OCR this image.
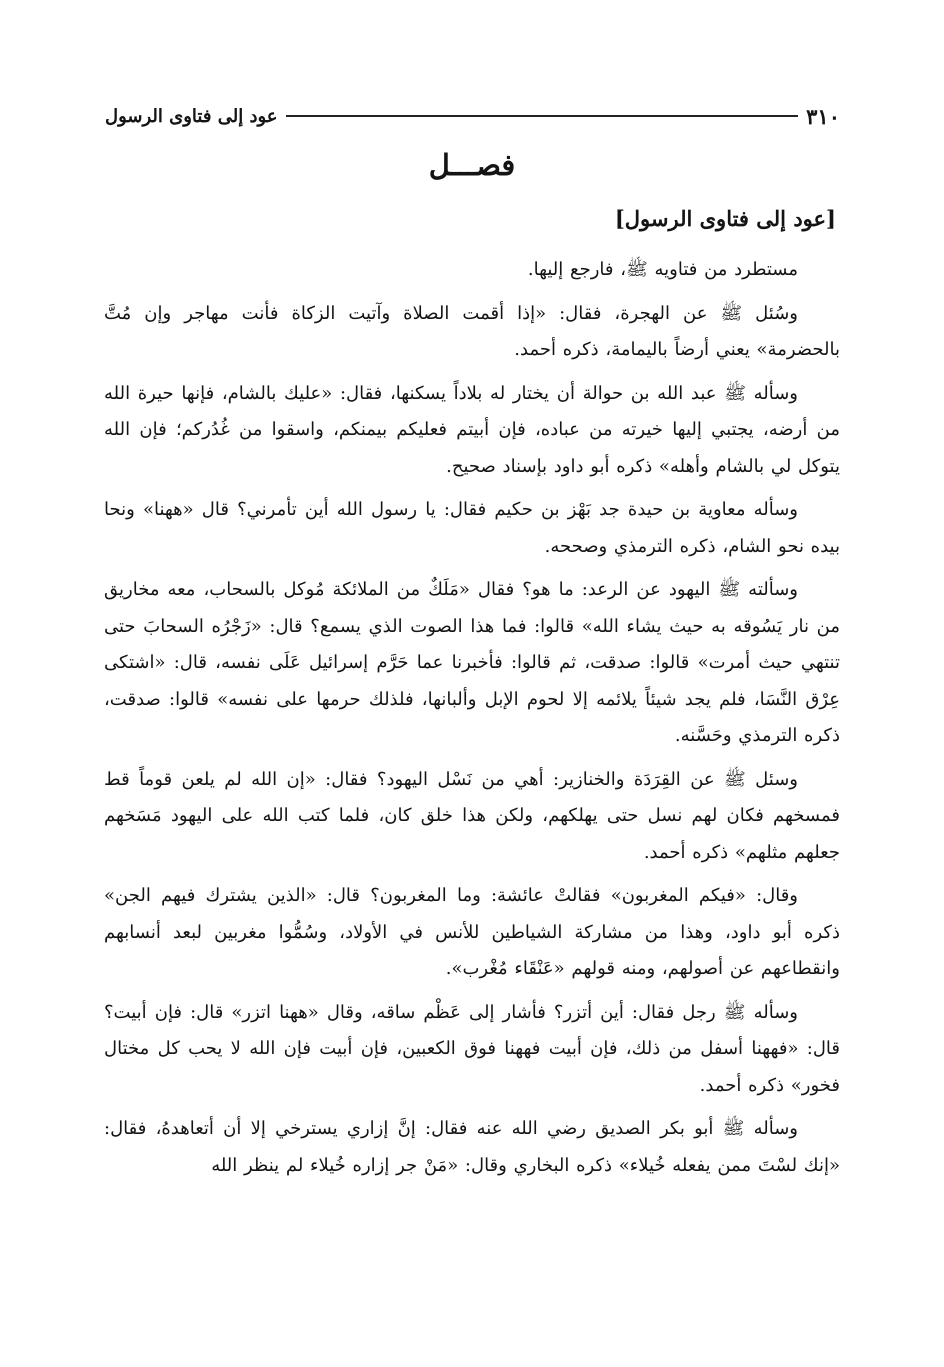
٣١٠
عود إلى فتاوى الرسول
فصـــل
[عود إلى فتاوى الرسول]

مستطرد من فتاويه ﷺ، فارجع إليها.

وسُئل ﷺ عن الهجرة، فقال: «إذا أقمت الصلاة وآتيت الزكاة فأنت مهاجر وإن مُتَّ بالحضرمة» يعني أرضاً باليمامة، ذكره أحمد.

وسأله ﷺ عبد الله بن حوالة أن يختار له بلاداً يسكنها، فقال: «عليك بالشام، فإنها حيرة الله من أرضه، يجتبي إليها خيرته من عباده، فإن أبيتم فعليكم بيمنكم، واسقوا من غُدُركم؛ فإن الله يتوكل لي بالشام وأهله» ذكره أبو داود بإسناد صحيح.

وسأله معاوية بن حيدة جد بَهْز بن حكيم فقال: يا رسول الله أين تأمرني؟ قال «ههنا» ونحا بيده نحو الشام، ذكره الترمذي وصححه.

وسألته ﷺ اليهود عن الرعد: ما هو؟ فقال «مَلَكٌ من الملائكة مُوكل بالسحاب، معه مخاريق من نار يَسُوقه به حيث يشاء الله» قالوا: فما هذا الصوت الذي يسمع؟ قال: «زَجْرُه السحابَ حتى تنتهي حيث أمرت» قالوا: صدقت، ثم قالوا: فأخبرنا عما حَرَّم إسرائيل عَلَى نفسه، قال: «اشتكى عِرْق النَّسَا، فلم يجد شيئاً يلائمه إلا لحوم الإبل وألبانها، فلذلك حرمها على نفسه» قالوا: صدقت، ذكره الترمذي وحَسَّنه.

وسئل ﷺ عن القِرَدَة والخنازير: أهي من نَسْل اليهود؟ فقال: «إن الله لم يلعن قوماً قط فمسخهم فكان لهم نسل حتى يهلكهم، ولكن هذا خلق كان، فلما كتب الله على اليهود مَسَخهم جعلهم مثلهم» ذكره أحمد.

وقال: «فيكم المغربون» فقالتْ عائشة: وما المغربون؟ قال: «الذين يشترك فيهم الجن» ذكره أبو داود، وهذا من مشاركة الشياطين للأنس في الأولاد، وسُمُّوا مغربين لبعد أنسابهم وانقطاعهم عن أصولهم، ومنه قولهم «عَنْقَاء مُغْرب».

وسأله ﷺ رجل فقال: أين أتزر؟ فأشار إلى عَظْم ساقه، وقال «ههنا اتزر» قال: فإن أبيت؟ قال: «فههنا أسفل من ذلك، فإن أبيت فههنا فوق الكعبين، فإن أبيت فإن الله لا يحب كل مختال فخور» ذكره أحمد.

وسأله ﷺ أبو بكر الصديق رضي الله عنه فقال: إنَّ إزاري يسترخي إلا أن أتعاهدهُ، فقال: «إنك لسْتَ ممن يفعله خُيلاء» ذكره البخاري وقال: «مَنْ جر إزاره خُيلاء لم ينظر الله
